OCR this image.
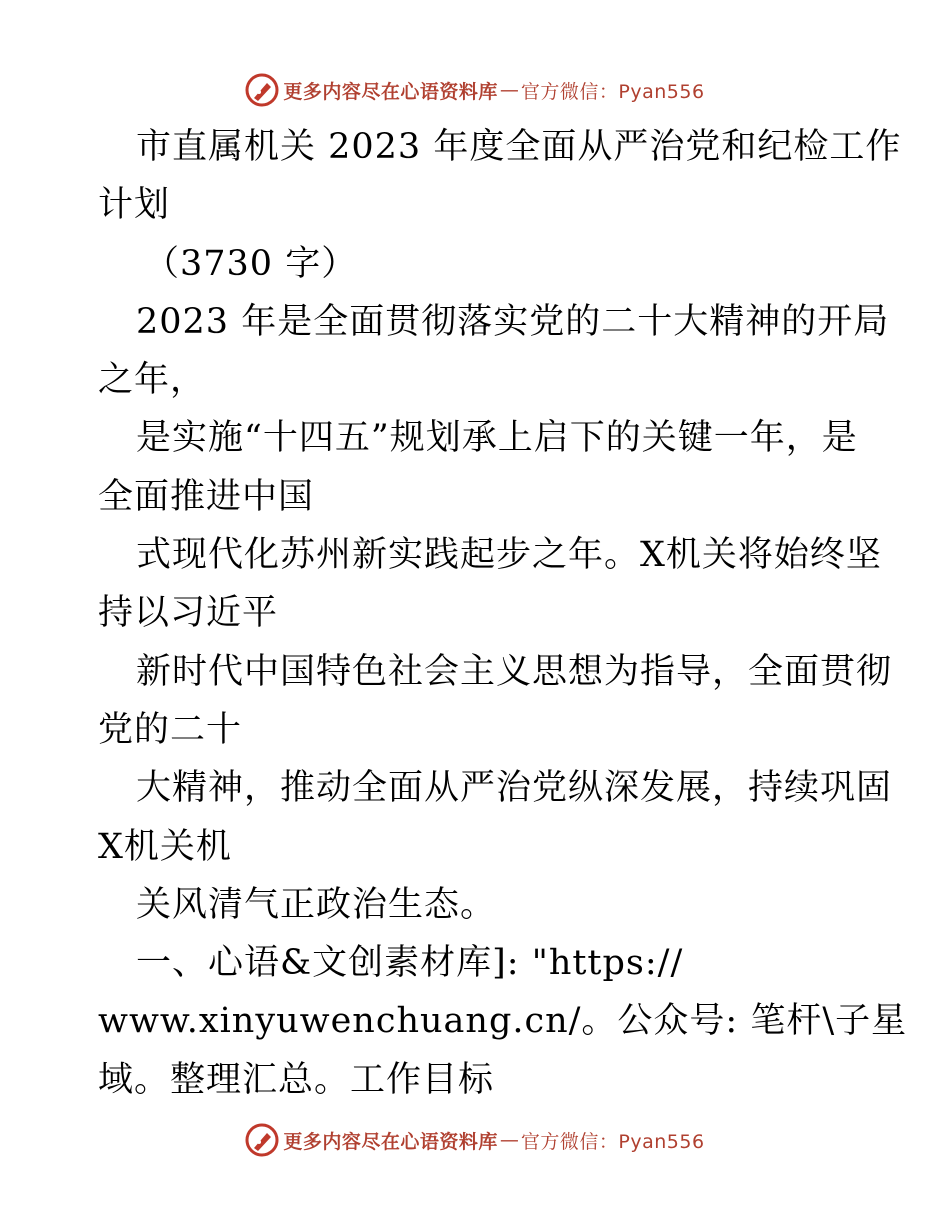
更多内容尽在心语资料库 — 官方微信：Pyan556
市直属机关 2023 年度全面从严治党和纪检工作
计划
（3730 字）
2023 年是全面贯彻落实党的二十大精神的开局
之年，
是实施“十四五”规划承上启下的关键一年，是
全面推进中国
式现代化苏州新实践起步之年。X机关将始终坚
持以习近平
新时代中国特色社会主义思想为指导，全面贯彻
党的二十
大精神，推动全面从严治党纵深发展，持续巩固
X机关机
关风清气正政治生态。
一、心语&文创素材库]: "https://
www.xinyuwenchuang.cn/。公众号: 笔杆\子星
域。整理汇总。工作目标
更多内容尽在心语资料库 — 官方微信：Pyan556
